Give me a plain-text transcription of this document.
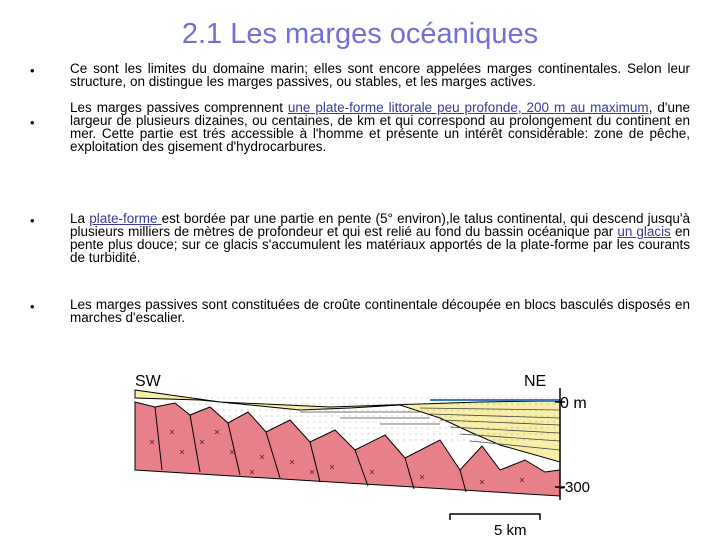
2.1 Les marges océaniques
•
•
Ce sont les limites du domaine marin; elles sont encore appelées marges continentales. Selon leur structure, on distingue les marges passives, ou stables, et les marges actives.
Les marges passives comprennent une plate-forme littorale peu profonde, 200 m au maximum, d'une largeur de plusieurs dizaines, ou centaines, de km et qui correspond au prolongement du continent en mer. Cette partie est trés accessible à l'homme et présente un intérêt considérable: zone de pêche, exploitation des gisement d'hydrocarbures.
•	La plate-forme est bordée par une partie en pente (5° environ),le talus continental, qui descend jusqu'à plusieurs milliers de mètres de profondeur et qui est relié au fond du bassin océanique par un glacis en pente plus douce; sur ce glacis s'accumulent les matériaux apportés de la plate-forme par les courants de turbidité.
•	Les marges passives sont constituées de croûte continentale découpée en blocs basculés disposés en marches d'escalier.
SW	NE
0 m
-300
5 km
